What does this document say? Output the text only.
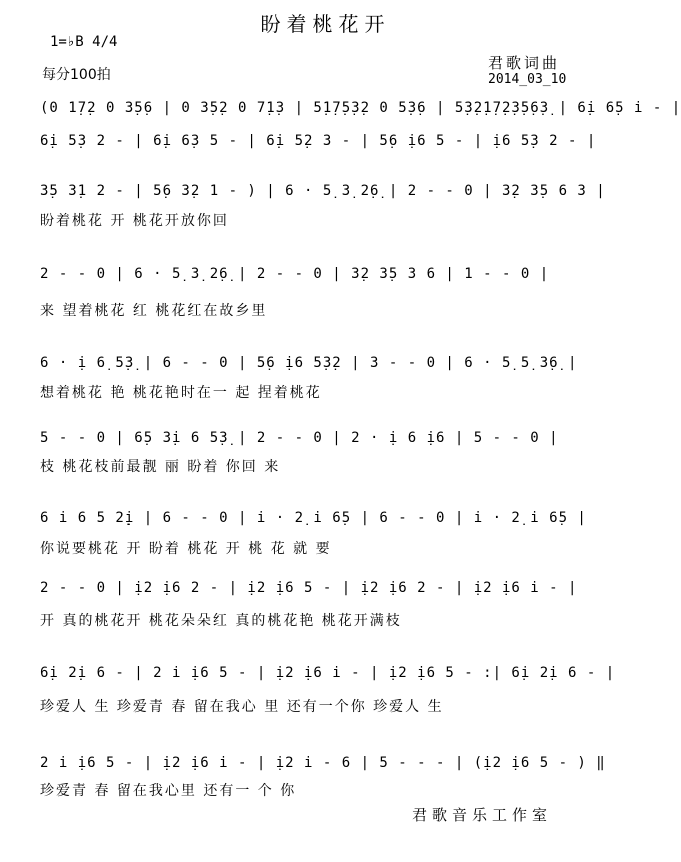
盼着桃花开
1=♭B 4/4
每分100拍
君歌词曲
2014_03_10
(0 1̣7̣2 0 3̣5̣6 | 0 3̣5̣2 0 7̣1̣3 | 5̣1̣7̣5̣3̣2 0 5̣3̣6 | 5̣3̣2̣1̣7̣2̣3̣5̣6̣3̣ | 6̣i 6̣5 i - |
6̣i 5̣3 2 - | 6̣i 6̣3 5 - | 6̣i 5̣2 3 - | 5̣6 ị6 5 - | ị6 5̣3 2 - |
3̣5 3̣1 2 - | 5̣6 3̣2 1 - ) | 6 · 5̣ 3̣ 2̣6̣ | 2 - - 0 | 3̣2 3̣5 6 3 |
盼着桃花 开 桃花开放你回
2 - - 0 | 6 · 5̣ 3̣ 2̣6̣ | 2 - - 0 | 3̣2 3̣5 3 6 | 1 - - 0 |
来 望着桃花 红 桃花红在故乡里
6 · ị 6̣ 5̣3̣ | 6 - - 0 | 5̣6 ị6 5̣3̣2 | 3 - - 0 | 6 · 5̣ 5̣ 3̣6̣ |
想着桃花 艳 桃花艳时在一 起 捏着桃花
5 - - 0 | 6̣5 3̣i 6 5̣3̣ | 2 - - 0 | 2 · ị 6 ị6 | 5 - - 0 |
枝 桃花枝前最靓 丽 盼着 你回 来
6 i 6 5 2̣ị | 6 - - 0 | i · 2̣ i 6̣5 | 6 - - 0 | i · 2̣ i 6̣5 |
你说要桃花 开 盼着 桃花 开 桃 花 就 要
2 - - 0 | ị2 ị6 2 - | ị2 ị6 5 - | ị2 ị6 2 - | ị2 ị6 i - |
开 真的桃花开 桃花朵朵红 真的桃花艳 桃花开满枝
6̣i 2̣i 6 - | 2 i ị6 5 - | ị2 ị6 i - | ị2 ị6 5 - :| 6̣i 2̣i 6 - |
珍爱人 生 珍爱青 春 留在我心 里 还有一个你 珍爱人 生
2 i ị6 5 - | ị2 ị6 i - | ị2 i - 6 | 5 - - - | (ị2 ị6 5 - ) ‖
珍爱青 春 留在我心里 还有一 个 你
君歌音乐工作室
